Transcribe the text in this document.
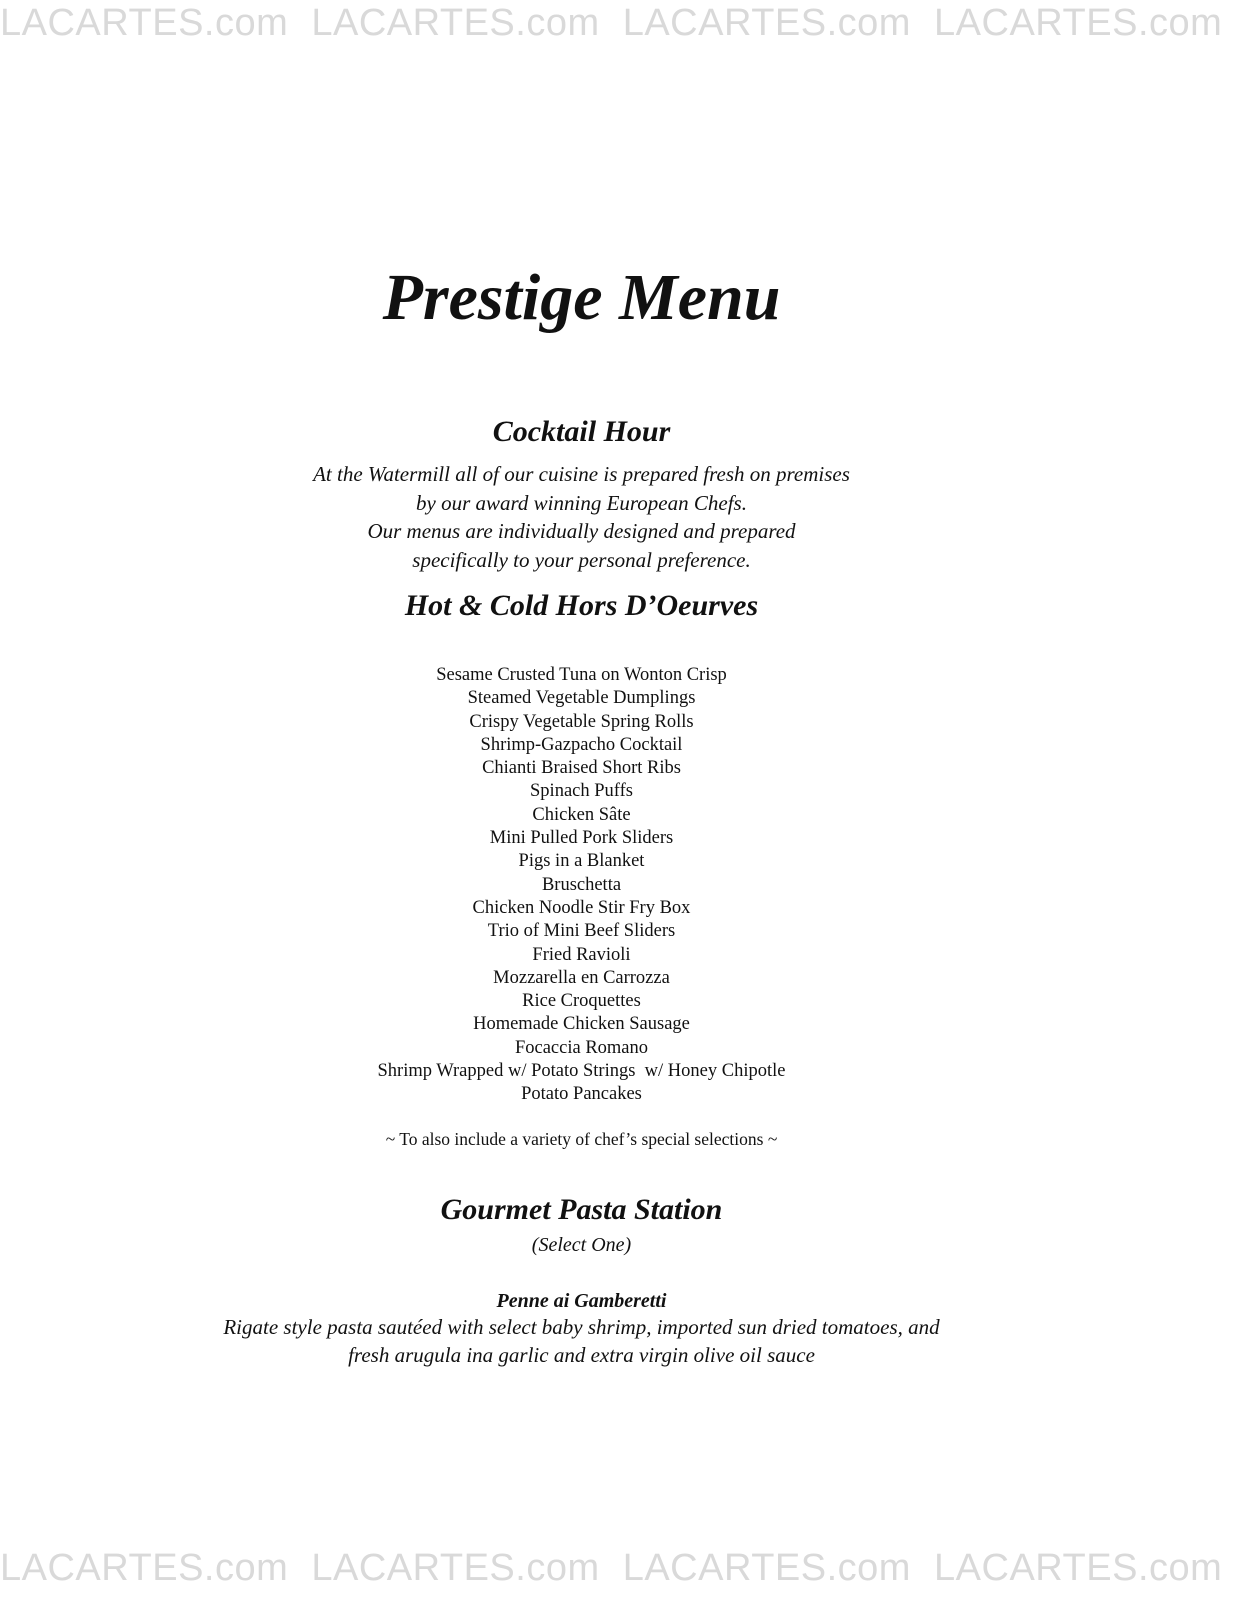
LACARTES.com LACARTES.com LACARTES.com LACARTES.com
Prestige Menu
Cocktail Hour
At the Watermill all of our cuisine is prepared fresh on premises
by our award winning European Chefs.
Our menus are individually designed and prepared
specifically to your personal preference.
Hot & Cold Hors D’Oeurves
Sesame Crusted Tuna on Wonton Crisp
Steamed Vegetable Dumplings
Crispy Vegetable Spring Rolls
Shrimp-Gazpacho Cocktail
Chianti Braised Short Ribs
Spinach Puffs
Chicken Sâte
Mini Pulled Pork Sliders
Pigs in a Blanket
Bruschetta
Chicken Noodle Stir Fry Box
Trio of Mini Beef Sliders
Fried Ravioli
Mozzarella en Carrozza
Rice Croquettes
Homemade Chicken Sausage
Focaccia Romano
Shrimp Wrapped w/ Potato Strings  w/ Honey Chipotle
Potato Pancakes
~ To also include a variety of chef’s special selections ~
Gourmet Pasta Station
(Select One)
Penne ai Gamberetti
Rigate style pasta sautéed with select baby shrimp, imported sun dried tomatoes, and
fresh arugula ina garlic and extra virgin olive oil sauce
LACARTES.com LACARTES.com LACARTES.com LACARTES.com
